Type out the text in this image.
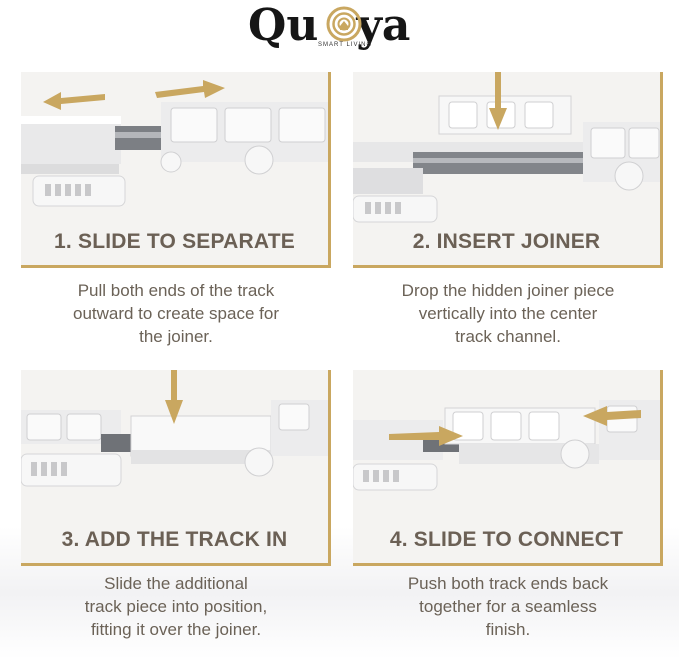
Qu ya
SMART LIVING
1. SLIDE TO SEPARATE	2. INSERT JOINER
3. ADD THE TRACK IN	4. SLIDE TO CONNECT
Pull both ends of the track
outward to create space for
the joiner.
Drop the hidden joiner piece
vertically into the center
track channel.
Slide the additional
track piece into position,
fitting it over the joiner.
Push both track ends back
together for a seamless
finish.
